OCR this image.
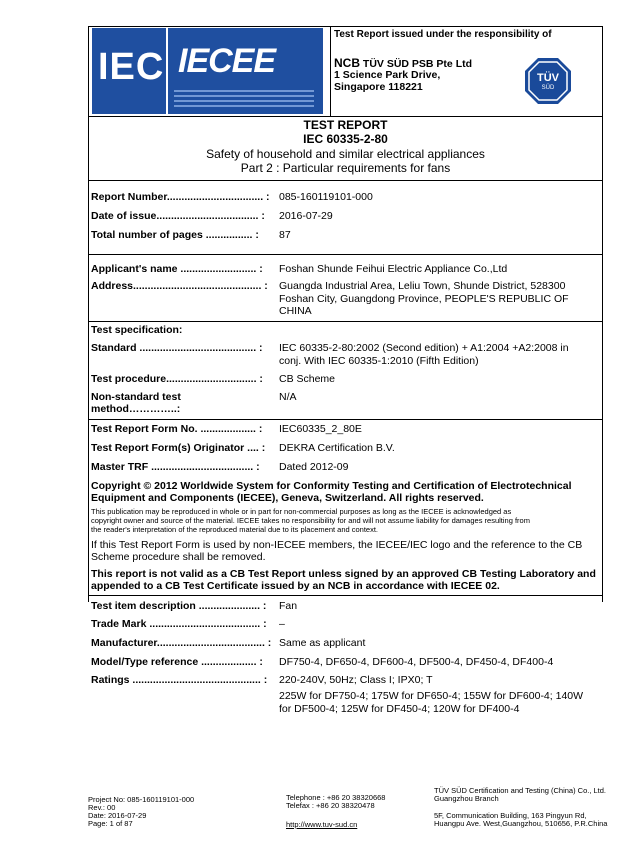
IEC IECEE
Test Report issued under the responsibility of
NCB TÜV SÜD PSB Pte Ltd
1 Science Park Drive,
Singapore 118221
TÜV
SÜD
TEST REPORT
IEC 60335-2-80
Safety of household and similar electrical appliances
Part 2 : Particular requirements for fans
Report Number................................. : 085-160119101-000
Date of issue................................... : 2016-07-29
Total number of pages ................ : 87
Applicant's name .......................... : Foshan Shunde Feihui Electric Appliance Co.,Ltd
Address............................................ : Guangda Industrial Area, Leliu Town, Shunde District, 528300
Foshan City, Guangdong Province, PEOPLE'S REPUBLIC OF
CHINA
Test specification:
Standard ........................................ : IEC 60335-2-80:2002 (Second edition) + A1:2004 +A2:2008 in
conj. With IEC 60335-1:2010 (Fifth Edition)
Test procedure............................... : CB Scheme
Non-standard test
method…………..:
N/A
Test Report Form No. ................... : IEC60335_2_80E
Test Report Form(s) Originator .... : DEKRA Certification B.V.
Master TRF ................................... : Dated 2012-09
Copyright © 2012 Worldwide System for Conformity Testing and Certification of Electrotechnical
Equipment and Components (IECEE), Geneva, Switzerland. All rights reserved.
This publication may be reproduced in whole or in part for non-commercial purposes as long as the IECEE is acknowledged as
copyright owner and source of the material. IECEE takes no responsibility for and will not assume liability for damages resulting from
the reader's interpretation of the reproduced material due to its placement and context.
If this Test Report Form is used by non-IECEE members, the IECEE/IEC logo and the reference to the CB
Scheme procedure shall be removed.
This report is not valid as a CB Test Report unless signed by an approved CB Testing Laboratory and
appended to a CB Test Certificate issued by an NCB in accordance with IECEE 02.
Test item description ..................... : Fan
Trade Mark ...................................... : –
Manufacturer..................................... : Same as applicant
Model/Type reference ................... : DF750-4, DF650-4, DF600-4, DF500-4, DF450-4, DF400-4
Ratings ............................................ : 220-240V, 50Hz; Class I; IPX0; T
225W for DF750-4; 175W for DF650-4; 155W for DF600-4; 140W
for DF500-4; 125W for DF450-4; 120W for DF400-4
Project No: 085-160119101-000
Rev.: 00
Date: 2016-07-29
Page: 1 of 87
Telephone : +86 20 38320668
Telefax : +86 20 38320478
http://www.tuv-sud.cn
TÜV SÜD Certification and Testing (China) Co., Ltd.
Guangzhou Branch
5F, Communication Building, 163 Pingyun Rd,
Huangpu Ave. West,Guangzhou, 510656, P.R.China
